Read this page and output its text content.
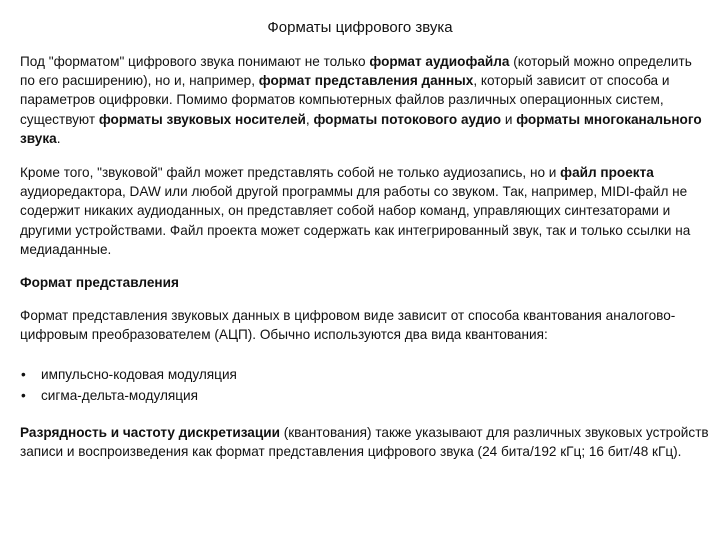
Форматы цифрового звука

Под "форматом" цифрового звука понимают не только формат аудиофайла (который можно определить по его расширению), но и, например, формат представления данных, который зависит от способа и параметров оцифровки. Помимо форматов компьютерных файлов различных операционных систем, существуют форматы звуковых носителей, форматы потокового аудио и форматы многоканального звука.

Кроме того, "звуковой" файл может представлять собой не только аудиозапись, но и файл проекта аудиоредактора, DAW или любой другой программы для работы со звуком. Так, например, MIDI-файл не содержит никаких аудиоданных, он представляет собой набор команд, управляющих синтезаторами и другими устройствами. Файл проекта может содержать как интегрированный звук, так и только ссылки на медиаданные.

Формат представления

Формат представления звуковых данных в цифровом виде зависит от способа квантования аналогово-цифровым преобразователем (АЦП). Обычно используются два вида квантования:

• импульсно-кодовая модуляция
• сигма-дельта-модуляция

Разрядность и частоту дискретизации (квантования) также указывают для различных звуковых устройств записи и воспроизведения как формат представления цифрового звука (24 бита/192 кГц; 16 бит/48 кГц).
